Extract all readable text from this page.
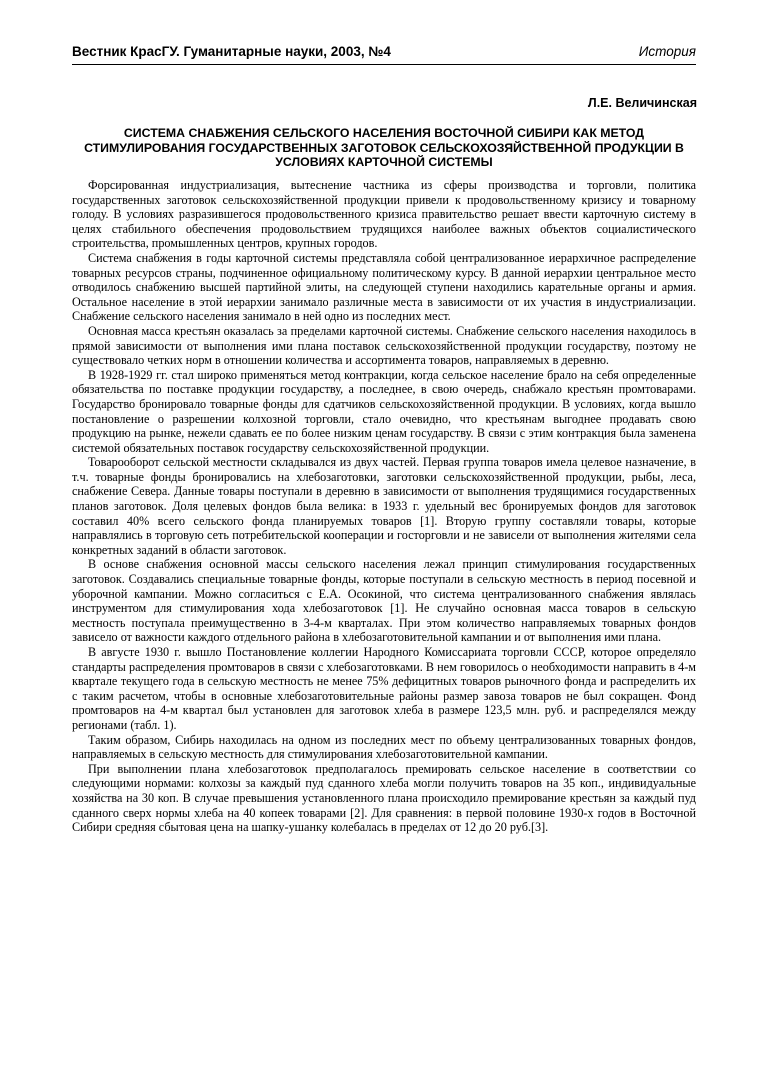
Вестник КрасГУ. Гуманитарные науки, 2003, №4	История
Л.Е. Величинская
СИСТЕМА СНАБЖЕНИЯ СЕЛЬСКОГО НАСЕЛЕНИЯ ВОСТОЧНОЙ СИБИРИ КАК МЕТОД СТИМУЛИРОВАНИЯ ГОСУДАРСТВЕННЫХ ЗАГОТОВОК СЕЛЬСКОХОЗЯЙСТВЕННОЙ ПРОДУКЦИИ В УСЛОВИЯХ КАРТОЧНОЙ СИСТЕМЫ

Форсированная индустриализация, вытеснение частника из сферы производства и торговли, политика государственных заготовок сельскохозяйственной продукции привели к продовольственному кризису и товарному голоду. В условиях разразившегося продовольственного кризиса правительство решает ввести карточную систему в целях стабильного обеспечения продовольствием трудящихся наиболее важных объектов социалистического строительства, промышленных центров, крупных городов.

Система снабжения в годы карточной системы представляла собой централизованное иерархичное распределение товарных ресурсов страны, подчиненное официальному политическому курсу. В данной иерархии центральное место отводилось снабжению высшей партийной элиты, на следующей ступени находились карательные органы и армия. Остальное население в этой иерархии занимало различные места в зависимости от их участия в индустриализации. Снабжение сельского населения занимало в ней одно из последних мест.

Основная масса крестьян оказалась за пределами карточной системы. Снабжение сельского населения находилось в прямой зависимости от выполнения ими плана поставок сельскохозяйственной продукции государству, поэтому не существовало четких норм в отношении количества и ассортимента товаров, направляемых в деревню.

В 1928-1929 гг. стал широко применяться метод контракции, когда сельское население брало на себя определенные обязательства по поставке продукции государству, а последнее, в свою очередь, снабжало крестьян промтоварами. Государство бронировало товарные фонды для сдатчиков сельскохозяйственной продукции. В условиях, когда вышло постановление о разрешении колхозной торговли, стало очевидно, что крестьянам выгоднее продавать свою продукцию на рынке, нежели сдавать ее по более низким ценам государству. В связи с этим контракция была заменена системой обязательных поставок государству сельскохозяйственной продукции.

Товарооборот сельской местности складывался из двух частей. Первая группа товаров имела целевое назначение, в т.ч. товарные фонды бронировались на хлебозаготовки, заготовки сельскохозяйственной продукции, рыбы, леса, снабжение Севера. Данные товары поступали в деревню в зависимости от выполнения трудящимися государственных планов заготовок. Доля целевых фондов была велика: в 1933 г. удельный вес бронируемых фондов для заготовок составил 40% всего сельского фонда планируемых товаров [1]. Вторую группу составляли товары, которые направлялись в торговую сеть потребительской кооперации и госторговли и не зависели от выполнения жителями села конкретных заданий в области заготовок.

В основе снабжения основной массы сельского населения лежал принцип стимулирования государственных заготовок. Создавались специальные товарные фонды, которые поступали в сельскую местность в период посевной и уборочной кампании. Можно согласиться с Е.А. Осокиной, что система централизованного снабжения являлась инструментом для стимулирования хода хлебозаготовок [1]. Не случайно основная масса товаров в сельскую местность поступала преимущественно в 3-4-м кварталах. При этом количество направляемых товарных фондов зависело от важности каждого отдельного района в хлебозаготовительной кампании и от выполнения ими плана.

В августе 1930 г. вышло Постановление коллегии Народного Комиссариата торговли СССР, которое определяло стандарты распределения промтоваров в связи с хлебозаготовками. В нем говорилось о необходимости направить в 4-м квартале текущего года в сельскую местность не менее 75% дефицитных товаров рыночного фонда и распределить их с таким расчетом, чтобы в основные хлебозаготовительные районы размер завоза товаров не был сокращен. Фонд промтоваров на 4-м квартал был установлен для заготовок хлеба в размере 123,5 млн. руб. и распределялся между регионами (табл. 1).

Таким образом, Сибирь находилась на одном из последних мест по объему централизованных товарных фондов, направляемых в сельскую местность для стимулирования хлебозаготовительной кампании.

При выполнении плана хлебозаготовок предполагалось премировать сельское население в соответствии со следующими нормами: колхозы за каждый пуд сданного хлеба могли получить товаров на 35 коп., индивидуальные хозяйства на 30 коп. В случае превышения установленного плана происходило премирование крестьян за каждый пуд сданного сверх нормы хлеба на 40 копеек товарами [2]. Для сравнения: в первой половине 1930-х годов в Восточной Сибири средняя сбытовая цена на шапку-ушанку колебалась в пределах от 12 до 20 руб.[3].
